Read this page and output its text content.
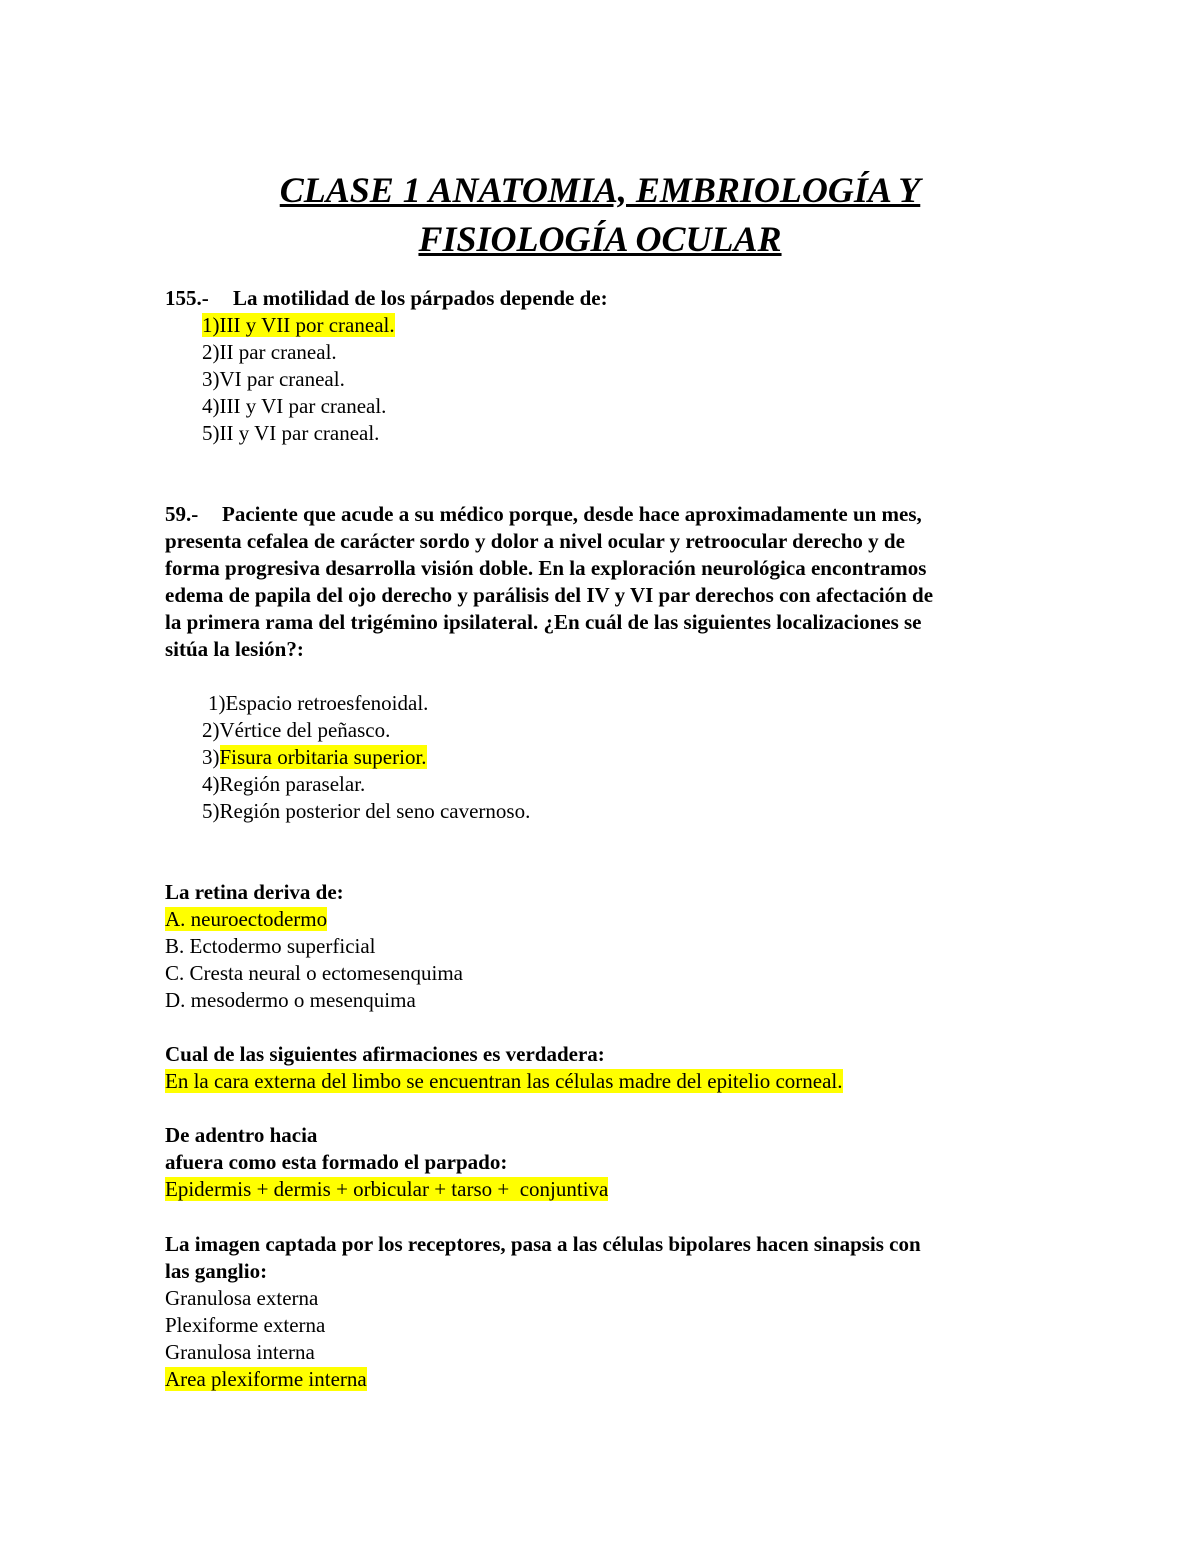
CLASE 1 ANATOMIA, EMBRIOLOGÍA Y
FISIOLOGÍA OCULAR
155.- La motilidad de los párpados depende de:
1)III y VII por craneal.
2)II par craneal.
3)VI par craneal.
4)III y VI par craneal.
5)II y VI par craneal.
59.- Paciente que acude a su médico porque, desde hace aproximadamente un mes,
presenta cefalea de carácter sordo y dolor a nivel ocular y retroocular derecho y de
forma progresiva desarrolla visión doble. En la exploración neurológica encontramos
edema de papila del ojo derecho y parálisis del IV y VI par derechos con afectación de
la primera rama del trigémino ipsilateral. ¿En cuál de las siguientes localizaciones se
sitúa la lesión?:
1)Espacio retroesfenoidal.
2)Vértice del peñasco.
3)Fisura orbitaria superior.
4)Región paraselar.
5)Región posterior del seno cavernoso.
La retina deriva de:
A. neuroectodermo
B. Ectodermo superficial
C. Cresta neural o ectomesenquima
D. mesodermo o mesenquima
Cual de las siguientes afirmaciones es verdadera:
En la cara externa del limbo se encuentran las células madre del epitelio corneal.
De adentro hacia
afuera como esta formado el parpado:
Epidermis + dermis + orbicular + tarso +  conjuntiva
La imagen captada por los receptores, pasa a las células bipolares hacen sinapsis con
las ganglio:
Granulosa externa
Plexiforme externa
Granulosa interna
Area plexiforme interna
